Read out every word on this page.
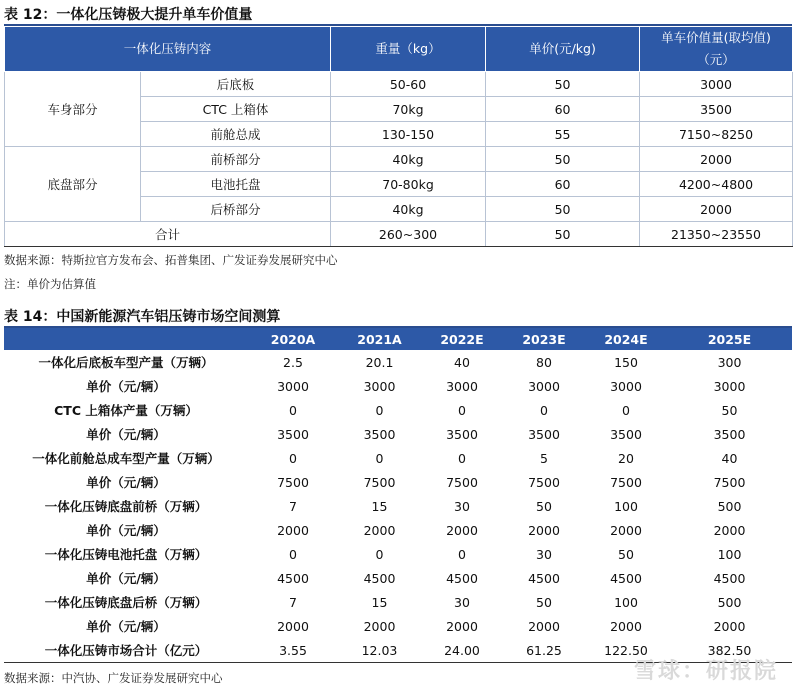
表 12：一体化压铸极大提升单车价值量
一体化压铸内容		重量（kg）	单价(元/kg)	单车价值量(取均值)
（元）
车身部分	后底板	50-60	50	3000
	CTC 上箱体	70kg	60	3500
	前舱总成	130-150	55	7150~8250
底盘部分	前桥部分	40kg	50	2000
	电池托盘	70-80kg	60	4200~4800
	后桥部分	40kg	50	2000
合计		260~300	50	21350~23550
数据来源：特斯拉官方发布会、拓普集团、广发证券发展研究中心
注：单价为估算值
表 14：中国新能源汽车铝压铸市场空间测算
	2020A	2021A	2022E	2023E	2024E	2025E
一体化后底板车型产量（万辆）	2.5	20.1	40	80	150	300
单价（元/辆）	3000	3000	3000	3000	3000	3000
CTC 上箱体产量（万辆）	0	0	0	0	0	50
单价（元/辆）	3500	3500	3500	3500	3500	3500
一体化前舱总成车型产量（万辆）	0	0	0	5	20	40
单价（元/辆）	7500	7500	7500	7500	7500	7500
一体化压铸底盘前桥（万辆）	7	15	30	50	100	500
单价（元/辆）	2000	2000	2000	2000	2000	2000
一体化压铸电池托盘（万辆）	0	0	0	30	50	100
单价（元/辆）	4500	4500	4500	4500	4500	4500
一体化压铸底盘后桥（万辆）	7	15	30	50	100	500
单价（元/辆）	2000	2000	2000	2000	2000	2000
一体化压铸市场合计（亿元）	3.55	12.03	24.00	61.25	122.50	382.50
数据来源：中汽协、广发证券发展研究中心	雪球：研报院
